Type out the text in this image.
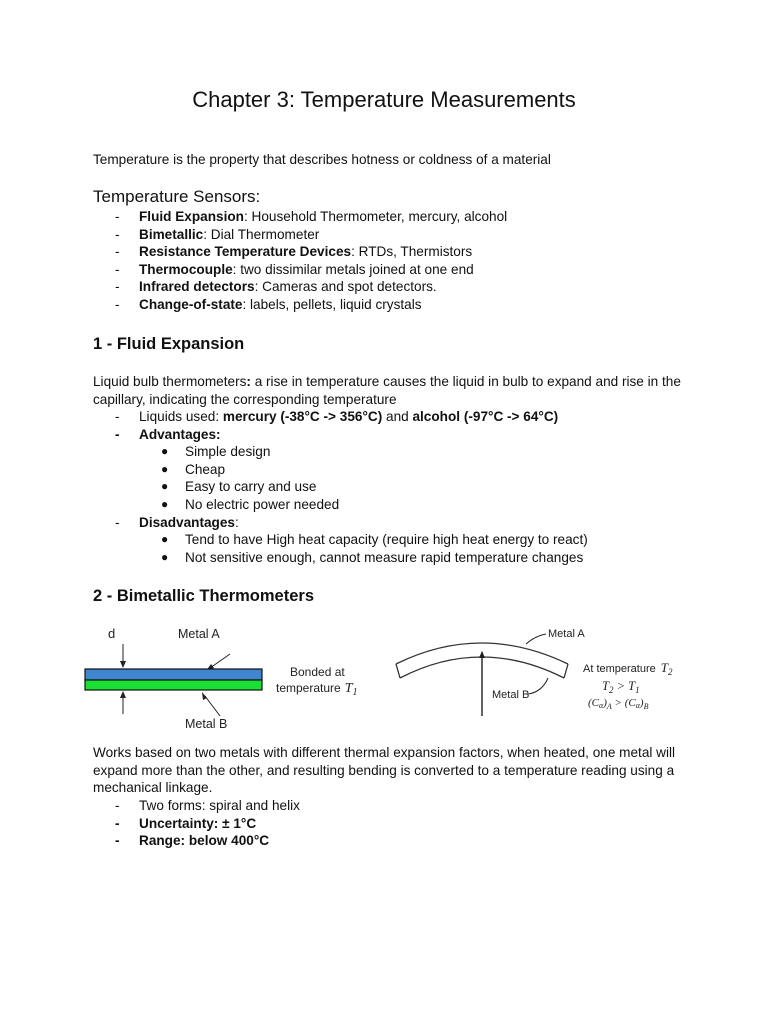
Chapter 3: Temperature Measurements

Temperature is the property that describes hotness or coldness of a material

Temperature Sensors:
- Fluid Expansion: Household Thermometer, mercury, alcohol
- Bimetallic: Dial Thermometer
- Resistance Temperature Devices: RTDs, Thermistors
- Thermocouple: two dissimilar metals joined at one end
- Infrared detectors: Cameras and spot detectors.
- Change-of-state: labels, pellets, liquid crystals
1 - Fluid Expansion

Liquid bulb thermometers: a rise in temperature causes the liquid in bulb to expand and rise in the capillary, indicating the corresponding temperature

- Liquids used: mercury (-38°C -> 356°C) and alcohol (-97°C -> 64°C)
- Advantages:
● Simple design
● Cheap
● Easy to carry and use
● No electric power needed
- Disadvantages:
● Tend to have High heat capacity (require high heat energy to react)
● Not sensitive enough, cannot measure rapid temperature changes
2 - Bimetallic Thermometers
d	Metal A
Metal B
Bonded at
temperature $T_1$
Metal A
Metal B
At temperature $T_2$
$T_2 > T_1$
$(C\alpha)_A > (C\alpha)_B$

Works based on two metals with different thermal expansion factors, when heated, one metal will expand more than the other, and resulting bending is converted to a temperature reading using a mechanical linkage.

- Two forms: spiral and helix
- Uncertainty: ± 1°C
- Range: below 400°C
